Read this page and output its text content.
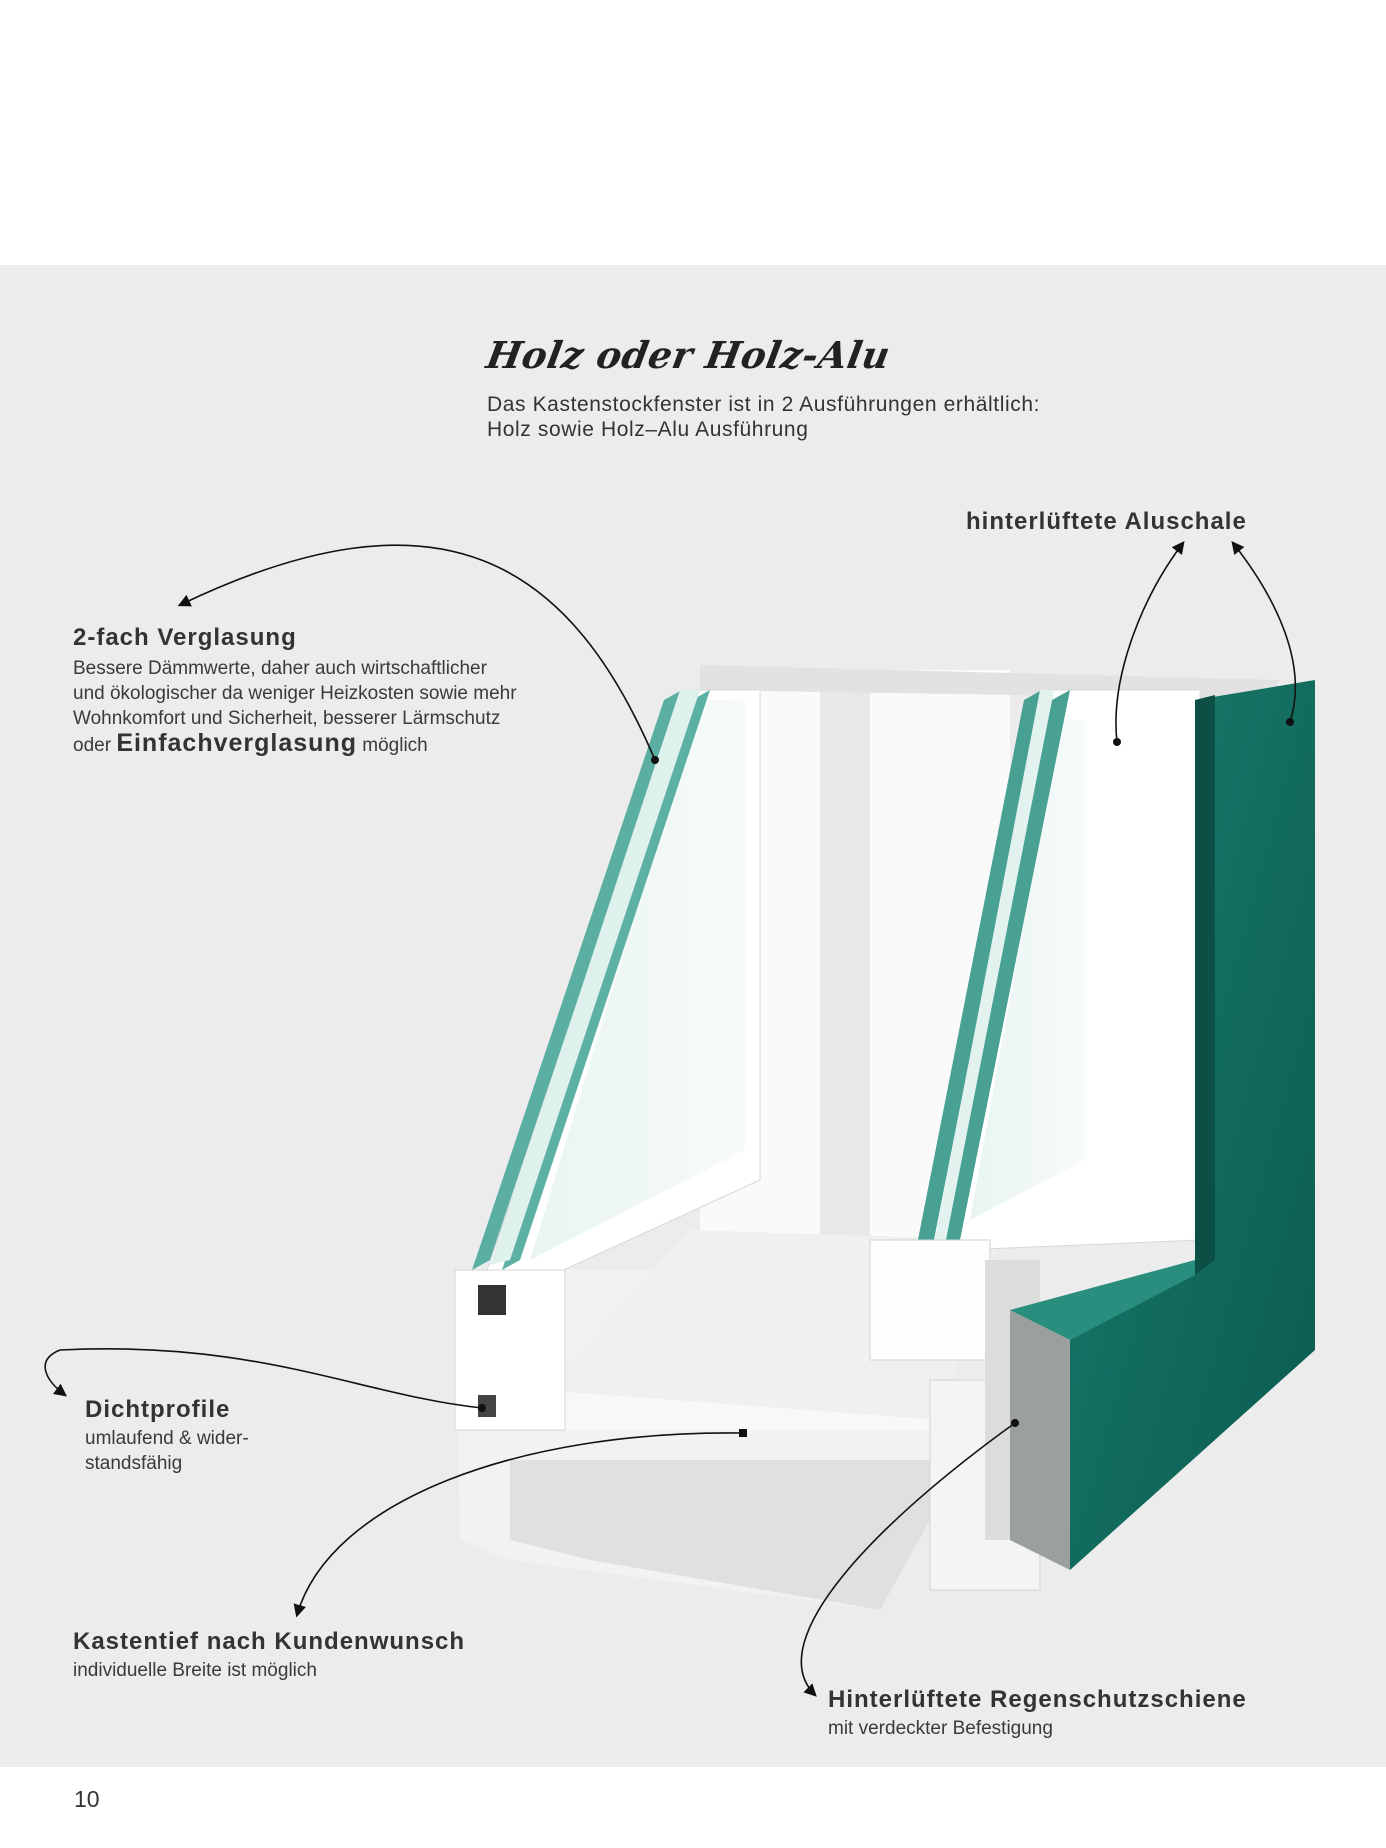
Holz oder Holz-Alu
Das Kastenstockfenster ist in 2 Ausführungen erhältlich:
Holz sowie Holz–Alu Ausführung
hinterlüftete Aluschale
2-fach Verglasung
Bessere Dämmwerte, daher auch wirtschaftlicher
und ökologischer da weniger Heizkosten sowie mehr
Wohnkomfort und Sicherheit, besserer Lärmschutz
oder Einfachverglasung möglich
Dichtprofile
umlaufend & wider-
standsfähig
Kastentief nach Kundenwunsch
individuelle Breite ist möglich
Hinterlüftete Regenschutzschiene
mit verdeckter Befestigung
10
